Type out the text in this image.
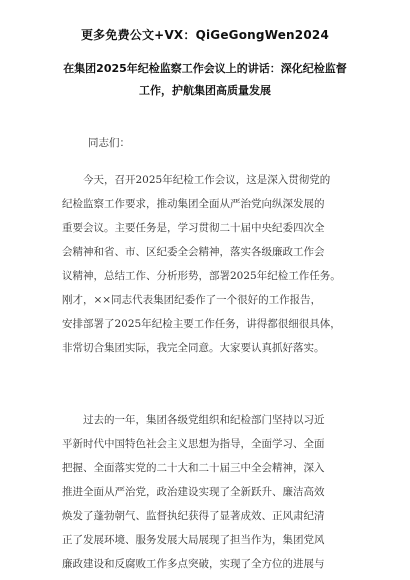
更多免费公文+VX：QiGeGongWen2024
在集团2025年纪检监察工作会议上的讲话：深化纪检监督
工作，护航集团高质量发展
同志们：
今天，召开2025年纪检工作会议，这是深入贯彻党的
纪检监察工作要求，推动集团全面从严治党向纵深发展的
重要会议。主要任务是，学习贯彻二十届中央纪委四次全
会精神和省、市、区纪委全会精神，落实各级廉政工作会
议精神，总结工作、分析形势，部署2025年纪检工作任务。
刚才，××同志代表集团纪委作了一个很好的工作报告，
安排部署了2025年纪检主要工作任务，讲得都很细很具体，
非常切合集团实际，我完全同意。大家要认真抓好落实。
过去的一年，集团各级党组织和纪检部门坚持以习近
平新时代中国特色社会主义思想为指导，全面学习、全面
把握、全面落实党的二十大和二十届三中全会精神，深入
推进全面从严治党，政治建设实现了全新跃升、廉洁高效
焕发了蓬勃朝气、监督执纪获得了显著成效、正风肃纪清
正了发展环境、服务发展大局展现了担当作为，集团党风
廉政建设和反腐败工作多点突破，实现了全方位的进展与
